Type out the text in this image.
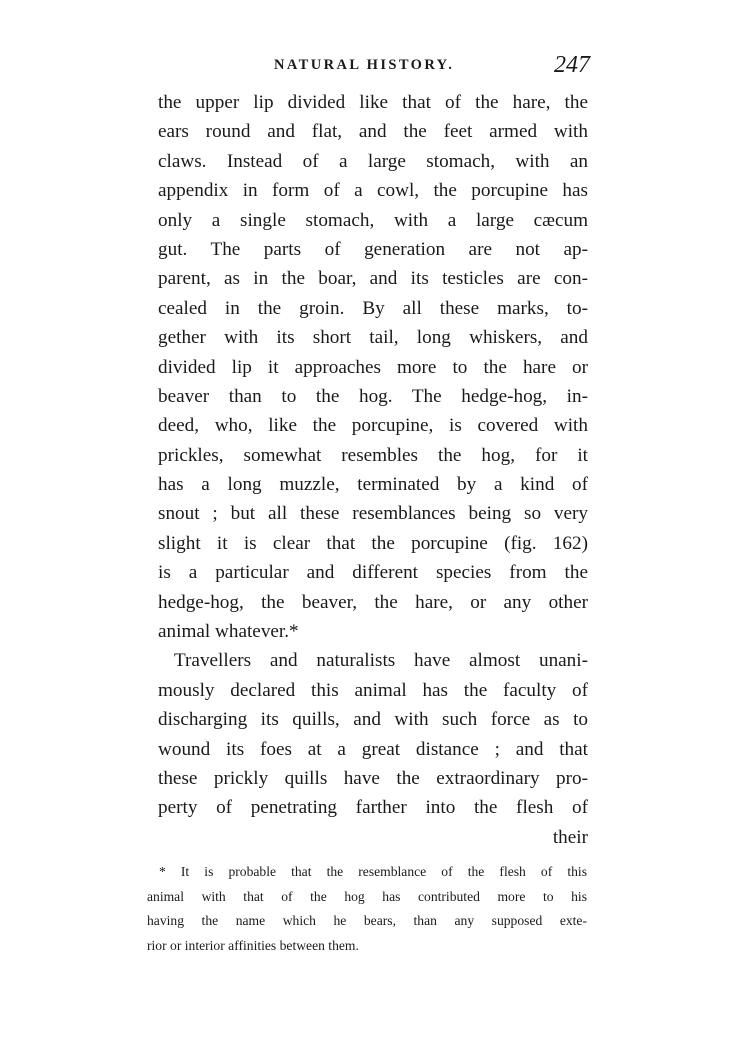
NATURAL HISTORY.	247
the upper lip divided like that of the hare, the
ears round and flat, and the feet armed with
claws. Instead of a large stomach, with an
appendix in form of a cowl, the porcupine has
only a single stomach, with a large cæcum
gut. The parts of generation are not ap-
parent, as in the boar, and its testicles are con-
cealed in the groin. By all these marks, to-
gether with its short tail, long whiskers, and
divided lip it approaches more to the hare or
beaver than to the hog. The hedge-hog, in-
deed, who, like the porcupine, is covered with
prickles, somewhat resembles the hog, for it
has a long muzzle, terminated by a kind of
snout ; but all these resemblances being so very
slight it is clear that the porcupine (fig. 162)
is a particular and different species from the
hedge-hog, the beaver, the hare, or any other
animal whatever.*
Travellers and naturalists have almost unani-
mously declared this animal has the faculty of
discharging its quills, and with such force as to
wound its foes at a great distance ; and that
these prickly quills have the extraordinary pro-
perty of penetrating farther into the flesh of
their
* It is probable that the resemblance of the flesh of this
animal with that of the hog has contributed more to his
having the name which he bears, than any supposed exte-
rior or interior affinities between them.
